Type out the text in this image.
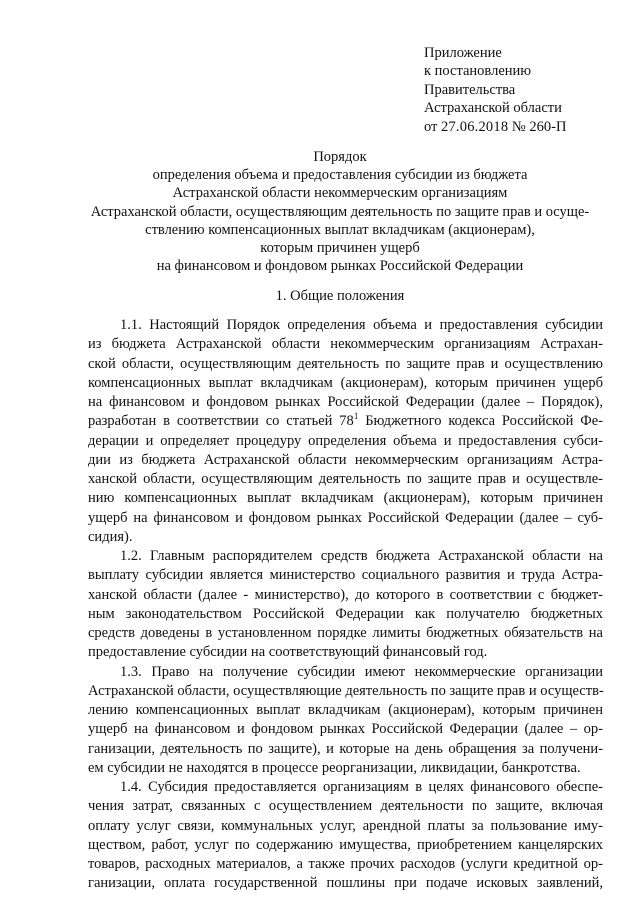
Приложение
к постановлению
Правительства
Астраханской области
от 27.06.2018 № 260-П
Порядок
определения объема и предоставления субсидии из бюджета
Астраханской области некоммерческим организациям
Астраханской области, осуществляющим деятельность по защите прав и осуще-
ствлению компенсационных выплат вкладчикам (акционерам),
которым причинен ущерб
на финансовом и фондовом рынках Российской Федерации
1. Общие положения
1.1. Настоящий Порядок определения объема и предоставления субсидии
из бюджета Астраханской области некоммерческим организациям Астрахан-
ской области, осуществляющим деятельность по защите прав и осуществлению
компенсационных выплат вкладчикам (акционерам), которым причинен ущерб
на финансовом и фондовом рынках Российской Федерации (далее – Порядок),
разработан в соответствии со статьей $78^1$ Бюджетного кодекса Российской Фе-
дерации и определяет процедуру определения объема и предоставления субси-
дии из бюджета Астраханской области некоммерческим организациям Астра-
ханской области, осуществляющим деятельность по защите прав и осуществле-
нию компенсационных выплат вкладчикам (акционерам), которым причинен
ущерб на финансовом и фондовом рынках Российской Федерации (далее – суб-
сидия).
1.2. Главным распорядителем средств бюджета Астраханской области на
выплату субсидии является министерство социального развития и труда Астра-
ханской области (далее - министерство), до которого в соответствии с бюджет-
ным законодательством Российской Федерации как получателю бюджетных
средств доведены в установленном порядке лимиты бюджетных обязательств на
предоставление субсидии на соответствующий финансовый год.
1.3. Право на получение субсидии имеют некоммерческие организации
Астраханской области, осуществляющие деятельность по защите прав и осуществ-
лению компенсационных выплат вкладчикам (акционерам), которым причинен
ущерб на финансовом и фондовом рынках Российской Федерации (далее – ор-
ганизации, деятельность по защите), и которые на день обращения за получени-
ем субсидии не находятся в процессе реорганизации, ликвидации, банкротства.
1.4. Субсидия предоставляется организациям в целях финансового обеспе-
чения затрат, связанных с осуществлением деятельности по защите, включая
оплату услуг связи, коммунальных услуг, арендной платы за пользование иму-
ществом, работ, услуг по содержанию имущества, приобретением канцелярских
товаров, расходных материалов, а также прочих расходов (услуги кредитной ор-
ганизации, оплата государственной пошлины при подаче исковых заявлений,
